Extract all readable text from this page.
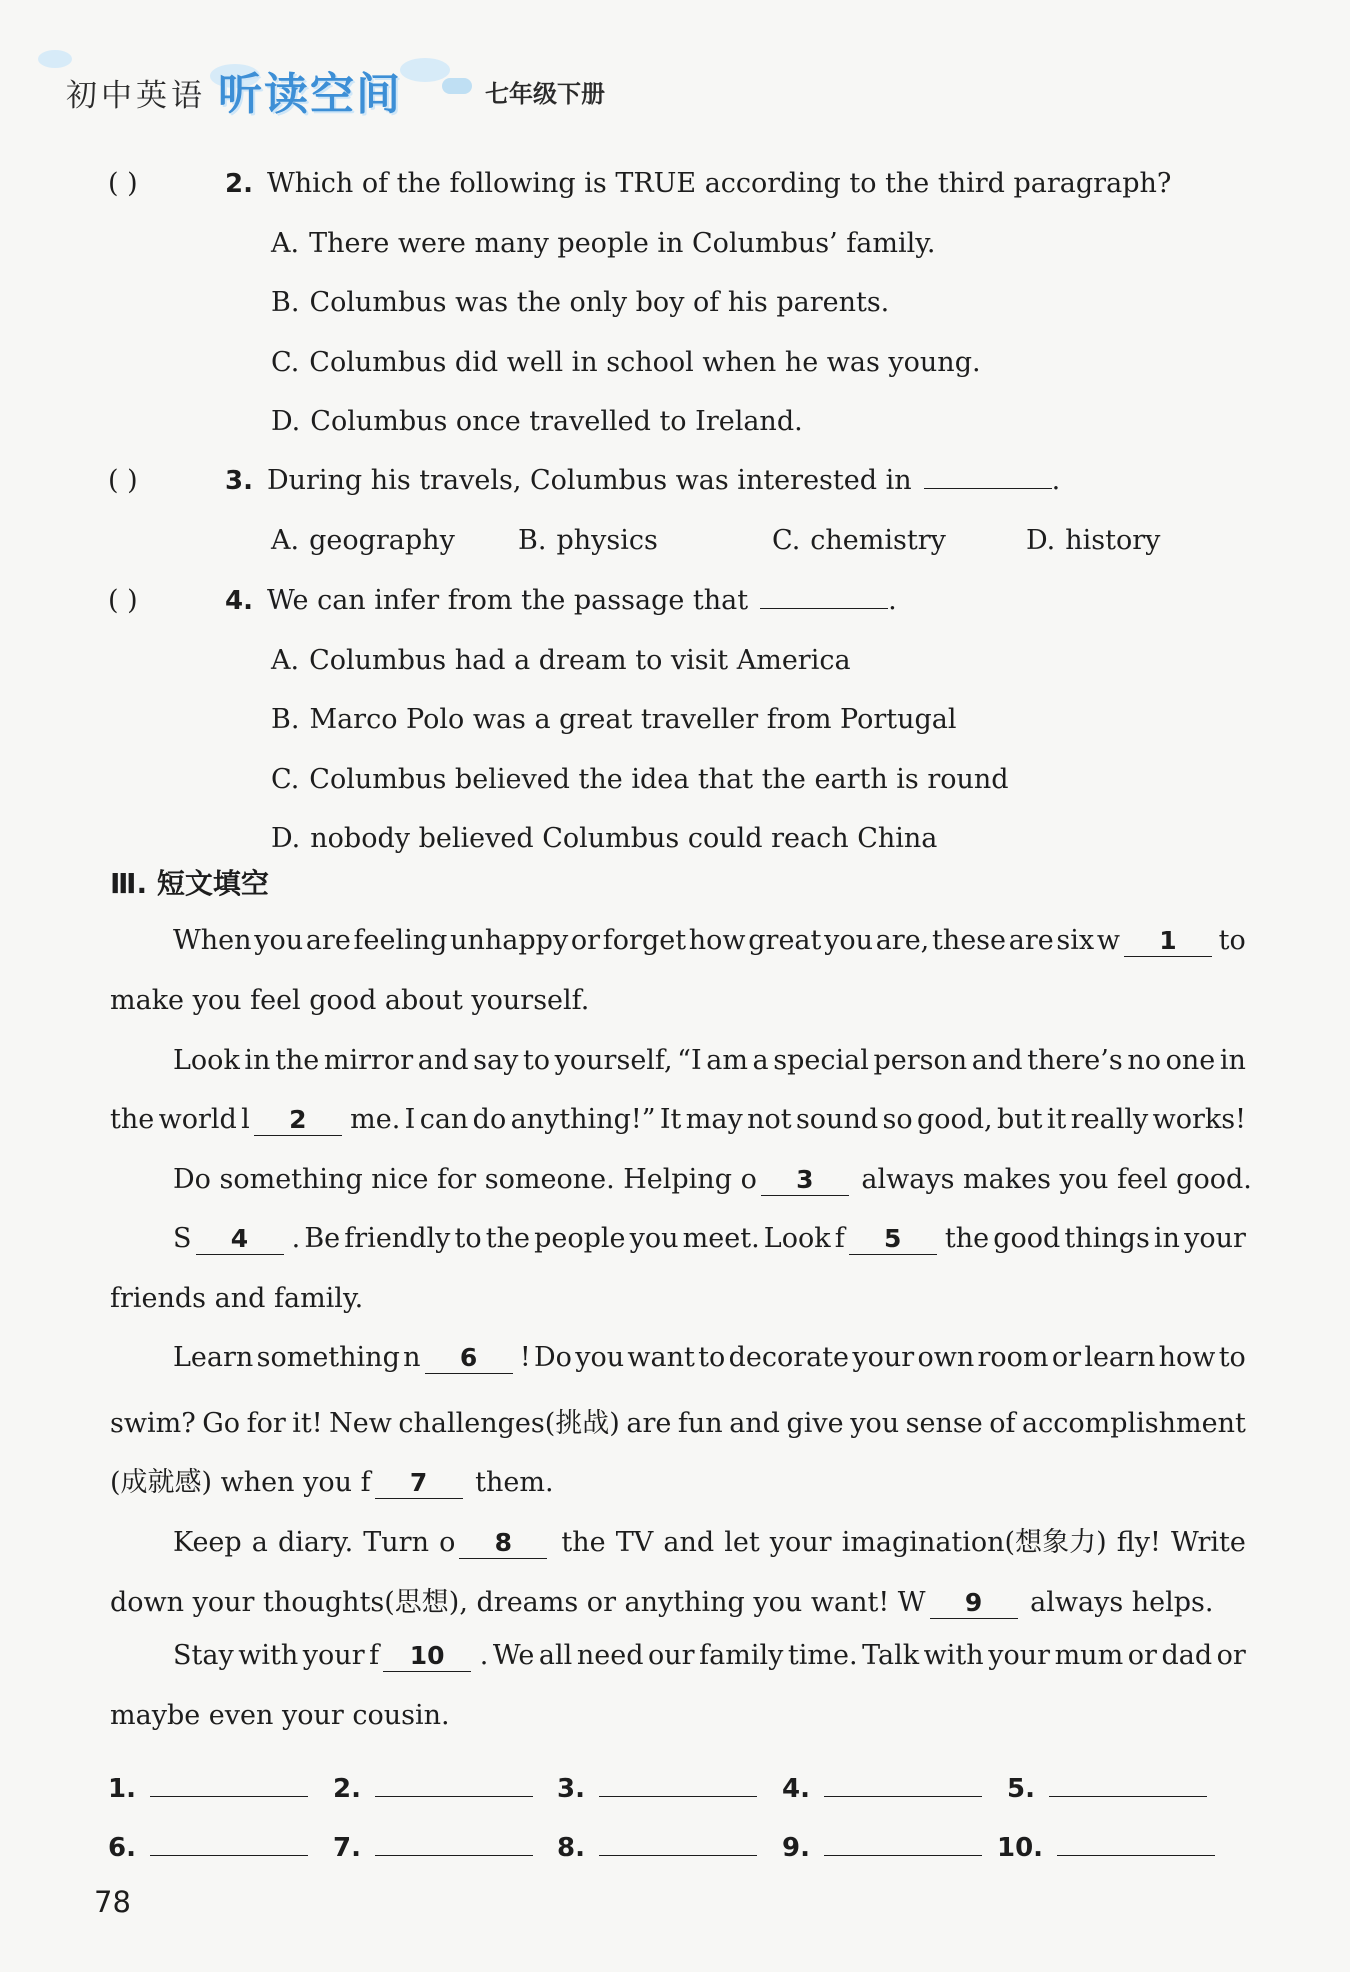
初中英语 听读空间	七年级下册
( )	2. Which of the following is TRUE according to the third paragraph?
A. There were many people in Columbus’ family.
B. Columbus was the only boy of his parents.
C. Columbus did well in school when he was young.
D. Columbus once travelled to Ireland.
( )	3. During his travels, Columbus was interested in	.
A. geography B. physics	C. chemistry	D. history
( )	4. We can infer from the passage that	.
A. Columbus had a dream to visit America
B. Marco Polo was a great traveller from Portugal
C. Columbus believed the idea that the earth is round
D. nobody believed Columbus could reach China
Ⅲ. 短文填空
When you are feeling unhappy or forget how great you are, these are six w 1	to
make you feel good about yourself.
Look in the mirror and say to yourself, “I am a special person and there’s no one in
the world l 2	me. I can do anything!” It may not sound so good, but it really works!
Do something nice for someone. Helping o 3 always makes you feel good.
S 4	. Be friendly to the people you meet. Look f 5	the good things in your
friends and family.
Learn something n 6	! Do you want to decorate your own room or learn how to
swim? Go for it! New challenges(挑战) are fun and give you sense of accomplishment
(成就感) when you f 7 them.
Keep a diary. Turn o 8	the TV and let your imagination(想象力) fly! Write
down your thoughts(思想), dreams or anything you want! W 9 always helps.
Stay with your f 10	. We all need our family time. Talk with your mum or dad or
maybe even your cousin.
1.	2.	3.	4.	5.
6.	7.	8.	9.	10.
78
